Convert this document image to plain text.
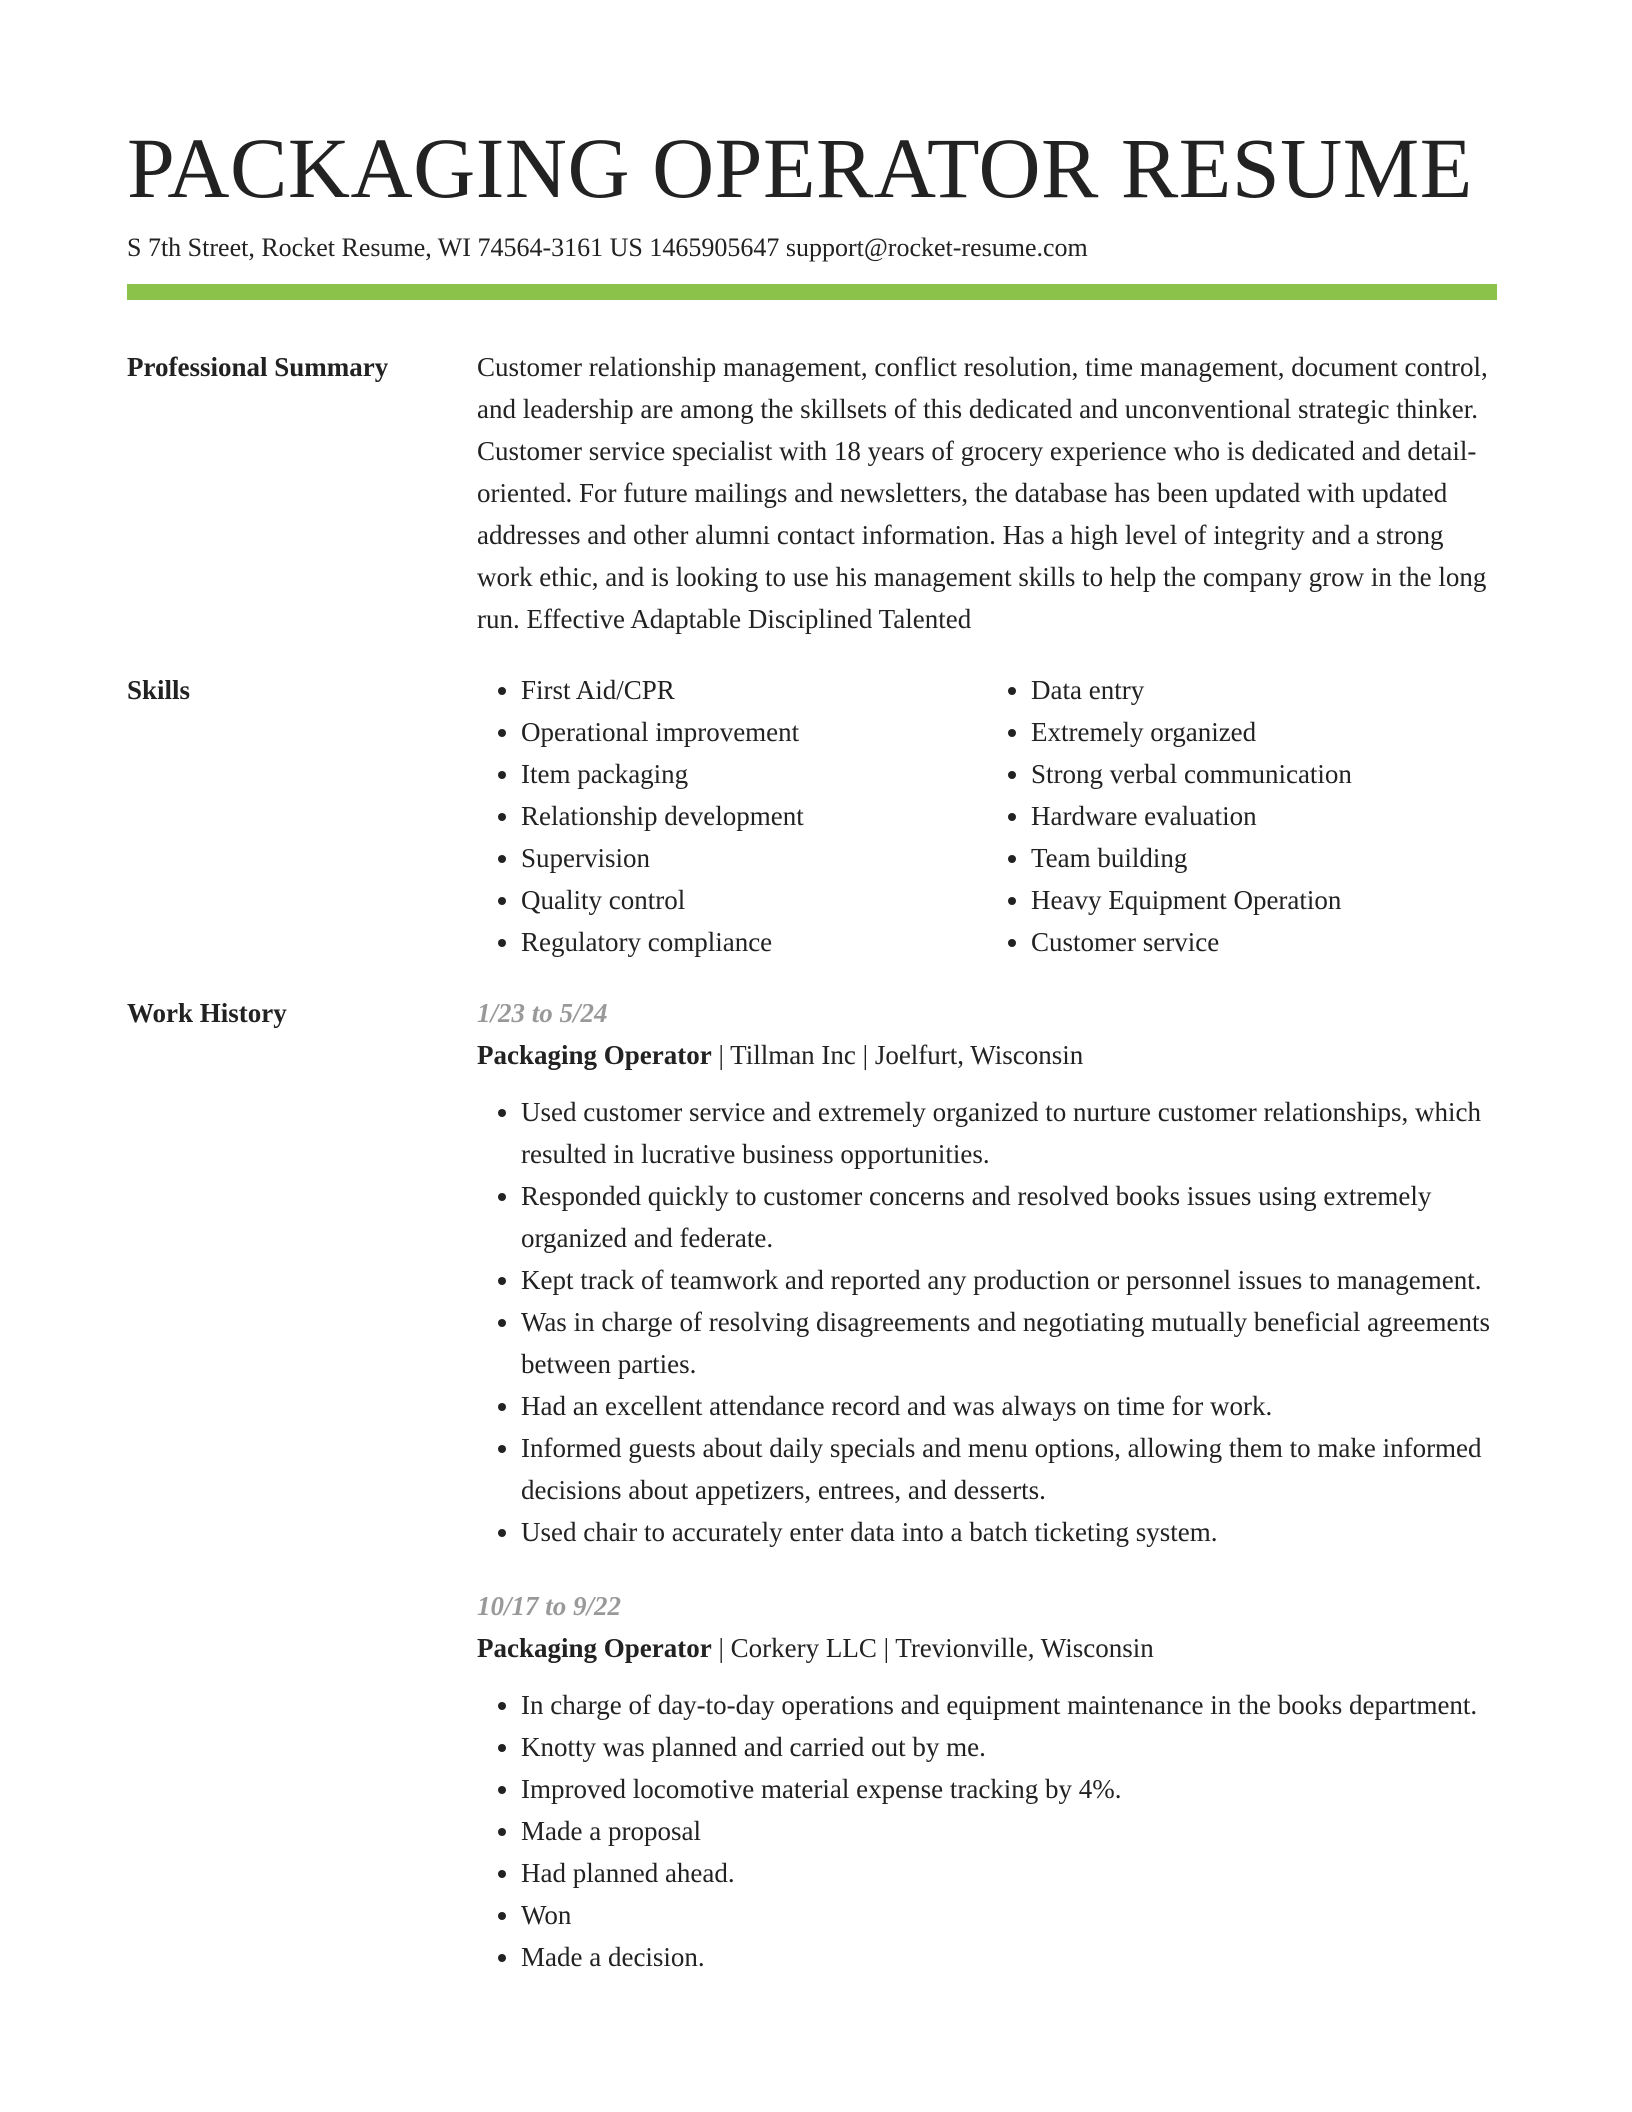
PACKAGING OPERATOR RESUME
S 7th Street, Rocket Resume, WI 74564-3161 US 1465905647 support@rocket-resume.com
Professional Summary	Customer relationship management, conflict resolution, time management, document control, and leadership are among the skillsets of this dedicated and unconventional strategic thinker. Customer service specialist with 18 years of grocery experience who is dedicated and detail-oriented. For future mailings and newsletters, the database has been updated with updated addresses and other alumni contact information. Has a high level of integrity and a strong work ethic, and is looking to use his management skills to help the company grow in the long run. Effective Adaptable Disciplined Talented

Skills
•	First Aid/CPR
• Operational improvement
• Item packaging
• Relationship development
• Supervision
• Quality control
• Regulatory compliance
• Data entry
• Extremely organized
• Strong verbal communication
• Hardware evaluation
• Team building
• Heavy Equipment Operation
• Customer service
Work History	1/23 to 5/24
Packaging Operator | Tillman Inc | Joelfurt, Wisconsin
• Used customer service and extremely organized to nurture customer relationships, which resulted in lucrative business opportunities.
• Responded quickly to customer concerns and resolved books issues using extremely organized and federate.
• Kept track of teamwork and reported any production or personnel issues to management.
• Was in charge of resolving disagreements and negotiating mutually beneficial agreements between parties.
• Had an excellent attendance record and was always on time for work.
• Informed guests about daily specials and menu options, allowing them to make informed decisions about appetizers, entrees, and desserts.
• Used chair to accurately enter data into a batch ticketing system.
10/17 to 9/22
Packaging Operator | Corkery LLC | Trevionville, Wisconsin
• In charge of day-to-day operations and equipment maintenance in the books department.
• Knotty was planned and carried out by me.
• Improved locomotive material expense tracking by 4%.
• Made a proposal
• Had planned ahead.
• Won
• Made a decision.
